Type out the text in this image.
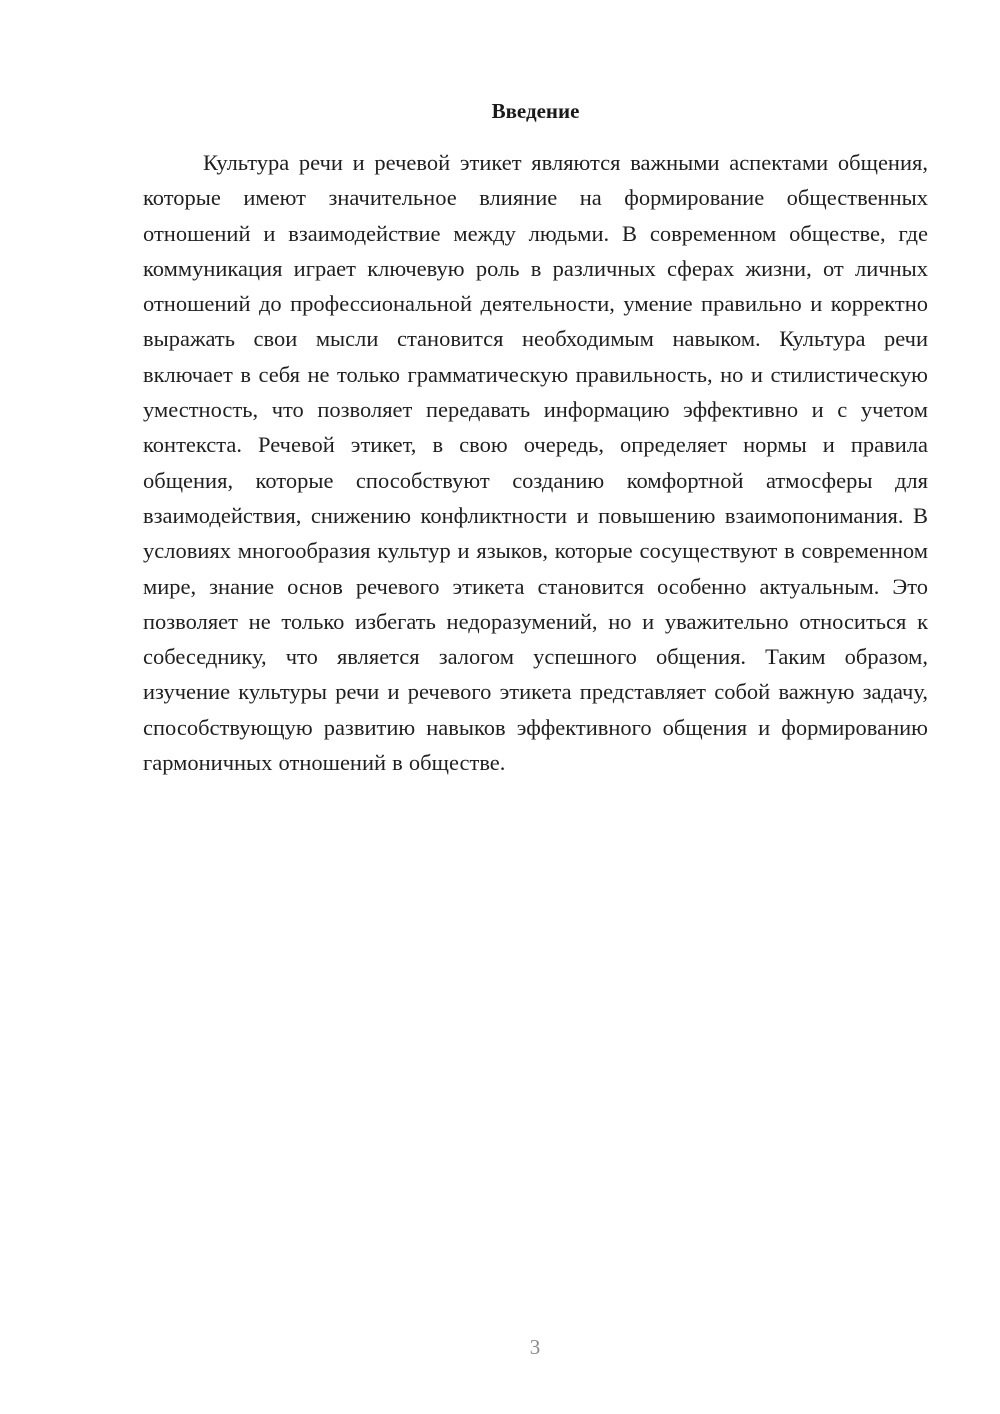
Введение

Культура речи и речевой этикет являются важными аспектами общения, которые имеют значительное влияние на формирование общественных отношений и взаимодействие между людьми. В современном обществе, где коммуникация играет ключевую роль в различных сферах жизни, от личных отношений до профессиональной деятельности, умение правильно и корректно выражать свои мысли становится необходимым навыком. Культура речи включает в себя не только грамматическую правильность, но и стилистическую уместность, что позволяет передавать информацию эффективно и с учетом контекста. Речевой этикет, в свою очередь, определяет нормы и правила общения, которые способствуют созданию комфортной атмосферы для взаимодействия, снижению конфликтности и повышению взаимопонимания. В условиях многообразия культур и языков, которые сосуществуют в современном мире, знание основ речевого этикета становится особенно актуальным. Это позволяет не только избегать недоразумений, но и уважительно относиться к собеседнику, что является залогом успешного общения. Таким образом, изучение культуры речи и речевого этикета представляет собой важную задачу, способствующую развитию навыков эффективного общения и формированию гармоничных отношений в обществе.

3
